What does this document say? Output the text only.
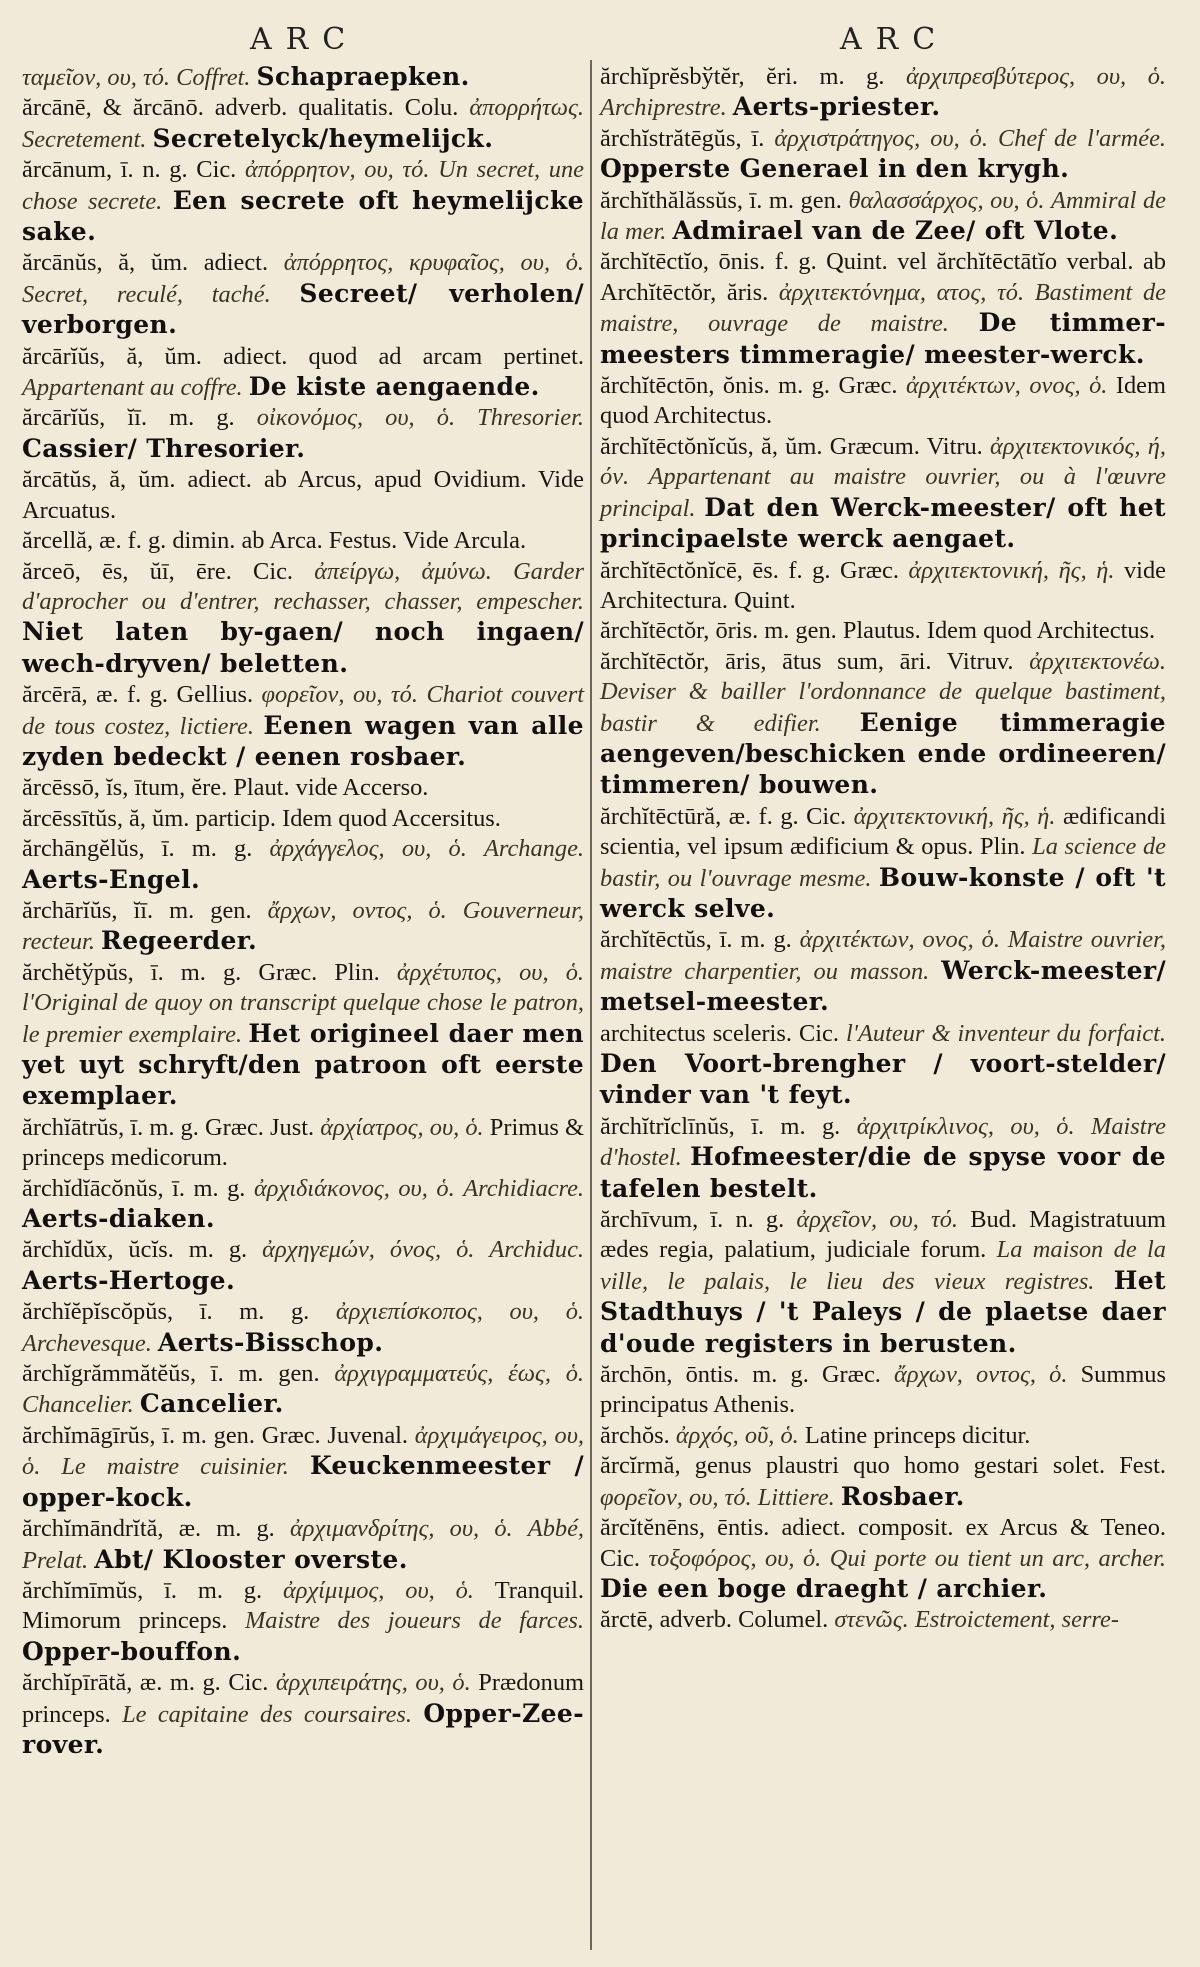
ARC	ARC

ταμεῖον, ου, τό. Coffret. Schapraepken.

ărcānē, & ărcānō. adverb. qualitatis. Colu. ἀπορρήτως. Secretement. Secretelyck/heymelijck.

ărcānum, ī. n. g. Cic. ἀπόρρητον, ου, τό. Un secret, une chose secrete. Een secrete oft heymelijcke sake.

ărcānŭs, ă, ŭm. adiect. ἀπόρρητος, κρυφαῖος, ου, ὁ. Secret, reculé, taché. Secreet/ verholen/ verborgen.

ărcārĭŭs, ă, ŭm. adiect. quod ad arcam pertinet. Appartenant au coffre. De kiste aengaende.

ărcārĭŭs, ĭī. m. g. οἰκονόμος, ου, ὁ. Thresorier. Cassier/ Thresorier.

ărcātŭs, ă, ŭm. adiect. ab Arcus, apud Ovidium. Vide Arcuatus.

ărcellă, æ. f. g. dimin. ab Arca. Festus. Vide Arcula.

ărceō, ēs, ŭī, ēre. Cic. ἀπείργω, ἀμύνω. Garder d'aprocher ou d'entrer, rechasser, chasser, empescher. Niet laten by-gaen/ noch ingaen/ wech-dryven/ beletten.

ărcērā, æ. f. g. Gellius. φορεῖον, ου, τό. Chariot couvert de tous costez, lictiere. Eenen wagen van alle zyden bedeckt / eenen rosbaer.

ărcēssō, ĭs, ītum, ĕre. Plaut. vide Accerso.

ărcēssītŭs, ă, ŭm. particip. Idem quod Accersitus.

ărchāngĕlŭs, ī. m. g. ἀρχάγγελος, ου, ὁ. Archange. Aerts-Engel.

ărchārĭŭs, ĭī. m. gen. ἄρχων, οντος, ὁ. Gouverneur, recteur. Regeerder.

ărchĕtўpŭs, ī. m. g. Græc. Plin. ἀρχέτυπος, ου, ὁ. l'Original de quoy on transcript quelque chose le patron, le premier exemplaire. Het origineel daer men yet uyt schryft/den patroon oft eerste exemplaer.

ărchĭātrŭs, ī. m. g. Græc. Just. ἀρχίατρος, ου, ὁ. Primus & princeps medicorum.

ărchĭdĭācŏnŭs, ī. m. g. ἀρχιδιάκονος, ου, ὁ. Archidiacre. Aerts-diaken.

ărchĭdŭx, ŭcĭs. m. g. ἀρχηγεμών, όνος, ὁ. Archiduc. Aerts-Hertoge.

ărchĭĕpĭscŏpŭs, ī. m. g. ἀρχιεπίσκοπος, ου, ὁ. Archevesque. Aerts-Bisschop.

ărchĭgrămmătĕŭs, ī. m. gen. ἀρχιγραμματεύς, έως, ὁ. Chancelier. Cancelier.

ărchĭmāgīrŭs, ī. m. gen. Græc. Juvenal. ἀρχιμάγειρος, ου, ὁ. Le maistre cuisinier. Keuckenmeester / opper-kock.

ărchĭmāndrĭtă, æ. m. g. ἀρχιμανδρίτης, ου, ὁ. Abbé, Prelat. Abt/ Klooster overste.

ărchĭmīmŭs, ī. m. g. ἀρχίμιμος, ου, ὁ. Tranquil. Mimorum princeps. Maistre des joueurs de farces. Opper-bouffon.

ărchĭpīrātă, æ. m. g. Cic. ἀρχιπειράτης, ου, ὁ. Prædonum princeps. Le capitaine des coursaires. Opper-Zee-rover.

ărchĭprĕsbўtĕr, ĕri. m. g. ἀρχιπρεσβύτερος, ου, ὁ. Archiprestre. Aerts-priester.

ărchĭstrătēgŭs, ī. ἀρχιστράτηγος, ου, ὁ. Chef de l'armée. Opperste Generael in den krygh.

ărchĭthălăssŭs, ī. m. gen. θαλασσάρχος, ου, ὁ. Ammiral de la mer. Admirael van de Zee/ oft Vlote.

ărchĭtēctĭo, ōnis. f. g. Quint. vel ărchĭtēctātĭo verbal. ab Archĭtēctŏr, ăris. ἀρχιτεκτόνημα, ατος, τό. Bastiment de maistre, ouvrage de maistre. De timmer-meesters timmeragie/ meester-werck.

ărchĭtēctōn, ŏnis. m. g. Græc. ἀρχιτέκτων, ονος, ὁ. Idem quod Architectus.

ărchĭtēctŏnĭcŭs, ă, ŭm. Græcum. Vitru. ἀρχιτεκτονικός, ή, όν. Appartenant au maistre ouvrier, ou à l'œuvre principal. Dat den Werck-meester/ oft het principaelste werck aengaet.

ărchĭtēctŏnĭcē, ēs. f. g. Græc. ἀρχιτεκτονική, ῆς, ἡ. vide Architectura. Quint.

ărchĭtēctŏr, ōris. m. gen. Plautus. Idem quod Architectus.

ărchĭtēctŏr, āris, ātus sum, āri. Vitruv. ἀρχιτεκτονέω. Deviser & bailler l'ordonnance de quelque bastiment, bastir & edifier. Eenige timmeragie aengeven/beschicken ende ordineeren/ timmeren/ bouwen.

ărchĭtēctūră, æ. f. g. Cic. ἀρχιτεκτονική, ῆς, ἡ. ædificandi scientia, vel ipsum ædificium & opus. Plin. La science de bastir, ou l'ouvrage mesme. Bouw-konste / oft 't werck selve.

ărchĭtēctŭs, ī. m. g. ἀρχιτέκτων, ονος, ὁ. Maistre ouvrier, maistre charpentier, ou masson. Werck-meester/ metsel-meester.

architectus sceleris. Cic. l'Auteur & inventeur du forfaict. Den Voort-brengher / voort-stelder/ vinder van 't feyt.

ărchĭtrĭclīnŭs, ī. m. g. ἀρχιτρίκλινος, ου, ὁ. Maistre d'hostel. Hofmeester/die de spyse voor de tafelen bestelt.

ărchīvum, ī. n. g. ἀρχεῖον, ου, τό. Bud. Magistratuum ædes regia, palatium, judiciale forum. La maison de la ville, le palais, le lieu des vieux registres. Het Stadthuys / 't Paleys / de plaetse daer d'oude registers in berusten.

ărchōn, ōntis. m. g. Græc. ἄρχων, οντος, ὁ. Summus principatus Athenis.

ărchŏs. ἀρχός, οῦ, ὁ. Latine princeps dicitur.

ărcĭrmă, genus plaustri quo homo gestari solet. Fest. φορεῖον, ου, τό. Littiere. Rosbaer.

ărcĭtĕnēns, ēntis. adiect. composit. ex Arcus & Teneo. Cic. τοξοφόρος, ου, ὁ. Qui porte ou tient un arc, archer. Die een boge draeght / archier.

ărctē, adverb. Columel. στενῶς. Estroictement, serre-
